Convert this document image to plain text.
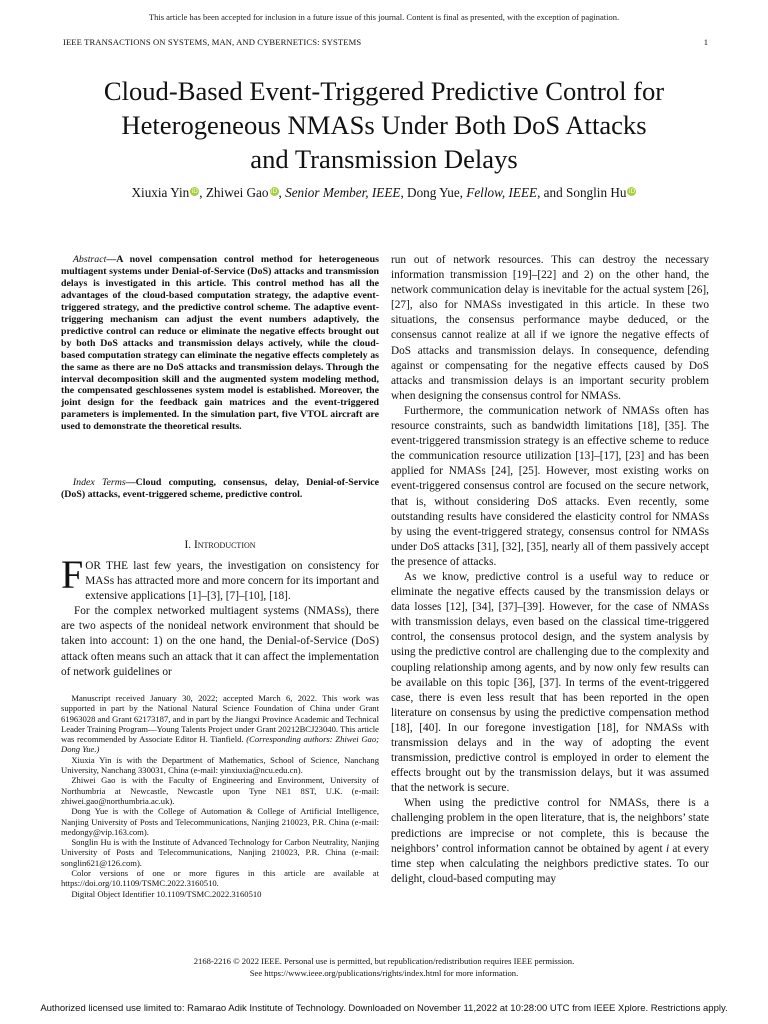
This article has been accepted for inclusion in a future issue of this journal. Content is final as presented, with the exception of pagination.
IEEE TRANSACTIONS ON SYSTEMS, MAN, AND CYBERNETICS: SYSTEMS	1
Cloud-Based Event-Triggered Predictive Control for
Heterogeneous NMASs Under Both DoS Attacks
and Transmission Delays
Xiuxia Yin iD, Zhiwei Gao iD, Senior Member, IEEE, Dong Yue, Fellow, IEEE, and Songlin Hu iD

Abstract—A novel compensation control method for heterogeneous multiagent systems under Denial-of-Service (DoS) attacks and transmission delays is investigated in this article. This control method has all the advantages of the cloud-based computation strategy, the adaptive event-triggered strategy, and the predictive control scheme. The adaptive event-triggering mechanism can adjust the event numbers adaptively, the predictive control can reduce or eliminate the negative effects brought out by both DoS attacks and transmission delays actively, while the cloud-based computation strategy can eliminate the negative effects completely as the same as there are no DoS attacks and transmission delays. Through the interval decomposition skill and the augmented system modeling method, the compensated geschlossenes system model is established. Moreover, the joint design for the feedback gain matrices and the event-triggered parameters is implemented. In the simulation part, five VTOL aircraft are used to demonstrate the theoretical results.

Index Terms—Cloud computing, consensus, delay, Denial-of-Service (DoS) attacks, event-triggered scheme, predictive control.

I. Introduction

FOR THE last few years, the investigation on consistency for MASs has attracted more and more concern for its important and extensive applications [1]–[3], [7]–[10], [18].

For the complex networked multiagent systems (NMASs), there are two aspects of the nonideal network environment that should be taken into account: 1) on the one hand, the Denial-of-Service (DoS) attack often means such an attack that it can affect the implementation of network guidelines or

Manuscript received January 30, 2022; accepted March 6, 2022. This work was supported in part by the National Natural Science Foundation of China under Grant 61963028 and Grant 62173187, and in part by the Jiangxi Province Academic and Technical Leader Training Program—Young Talents Project under Grant 20212BCJ23040. This article was recommended by Associate Editor H. Tianfield. (Corresponding authors: Zhiwei Gao; Dong Yue.)

Xiuxia Yin is with the Department of Mathematics, School of Science, Nanchang University, Nanchang 330031, China (e-mail: yinxiuxia@ncu.edu.cn).

Zhiwei Gao is with the Faculty of Engineering and Environment, University of Northumbria at Newcastle, Newcastle upon Tyne NE1 8ST, U.K. (e-mail: zhiwei.gao@northumbria.ac.uk).

Dong Yue is with the College of Automation & College of Artificial Intelligence, Nanjing University of Posts and Telecommunications, Nanjing 210023, P.R. China (e-mail: medongy@vip.163.com).

Songlin Hu is with the Institute of Advanced Technology for Carbon Neutrality, Nanjing University of Posts and Telecommunications, Nanjing 210023, P.R. China (e-mail: songlin621@126.com).

Color versions of one or more figures in this article are available at https://doi.org/10.1109/TSMC.2022.3160510.

Digital Object Identifier 10.1109/TSMC.2022.3160510

run out of network resources. This can destroy the necessary information transmission [19]–[22] and 2) on the other hand, the network communication delay is inevitable for the actual system [26], [27], also for NMASs investigated in this article. In these two situations, the consensus performance maybe deduced, or the consensus cannot realize at all if we ignore the negative effects of DoS attacks and transmission delays. In consequence, defending against or compensating for the negative effects caused by DoS attacks and transmission delays is an important security problem when designing the consensus control for NMASs.

Furthermore, the communication network of NMASs often has resource constraints, such as bandwidth limitations [18], [35]. The event-triggered transmission strategy is an effective scheme to reduce the communication resource utilization [13]–[17], [23] and has been applied for NMASs [24], [25]. However, most existing works on event-triggered consensus control are focused on the secure network, that is, without considering DoS attacks. Even recently, some outstanding results have considered the elasticity control for NMASs by using the event-triggered strategy, consensus control for NMASs under DoS attacks [31], [32], [35], nearly all of them passively accept the presence of attacks.

As we know, predictive control is a useful way to reduce or eliminate the negative effects caused by the transmission delays or data losses [12], [34], [37]–[39]. However, for the case of NMASs with transmission delays, even based on the classical time-triggered control, the consensus protocol design, and the system analysis by using the predictive control are challenging due to the complexity and coupling relationship among agents, and by now only few results can be available on this topic [36], [37]. In terms of the event-triggered case, there is even less result that has been reported in the open literature on consensus by using the predictive compensation method [18], [40]. In our foregone investigation [18], for NMASs with transmission delays and in the way of adopting the event transmission, predictive control is employed in order to element the effects brought out by the transmission delays, but it was assumed that the network is secure.

When using the predictive control for NMASs, there is a challenging problem in the open literature, that is, the neighbors’ state predictions are imprecise or not complete, this is because the neighbors’ control information cannot be obtained by agent i at every time step when calculating the neighbors predictive states. To our delight, cloud-based computing may

2168-2216 © 2022 IEEE. Personal use is permitted, but republication/redistribution requires IEEE permission.
See https://www.ieee.org/publications/rights/index.html for more information.
Authorized licensed use limited to: Ramarao Adik Institute of Technology. Downloaded on November 11,2022 at 10:28:00 UTC from IEEE Xplore. Restrictions apply.
